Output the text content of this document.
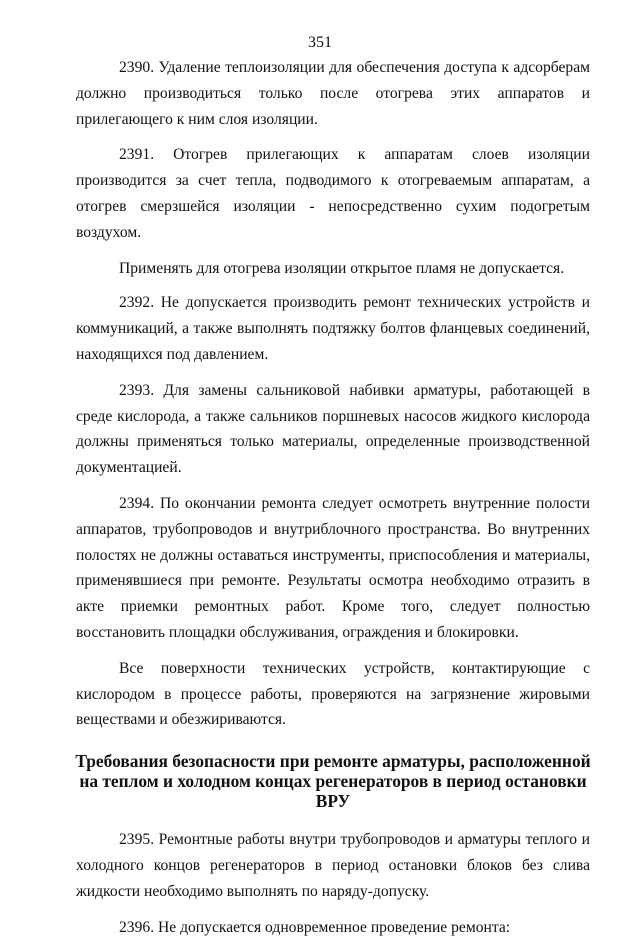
351

2390. Удаление теплоизоляции для обеспечения доступа к адсорберам должно производиться только после отогрева этих аппаратов и прилегающего к ним слоя изоляции.

2391. Отогрев прилегающих к аппаратам слоев изоляции производится за счет тепла, подводимого к отогреваемым аппаратам, а отогрев смерзшейся изоляции - непосредственно сухим подогретым воздухом.

Применять для отогрева изоляции открытое пламя не допускается.

2392. Не допускается производить ремонт технических устройств и коммуникаций, а также выполнять подтяжку болтов фланцевых соединений, находящихся под давлением.

2393. Для замены сальниковой набивки арматуры, работающей в среде кислорода, а также сальников поршневых насосов жидкого кислорода должны применяться только материалы, определенные производственной документацией.

2394. По окончании ремонта следует осмотреть внутренние полости аппаратов, трубопроводов и внутриблочного пространства. Во внутренних полостях не должны оставаться инструменты, приспособления и материалы, применявшиеся при ремонте. Результаты осмотра необходимо отразить в акте приемки ремонтных работ. Кроме того, следует полностью восстановить площадки обслуживания, ограждения и блокировки.

Все поверхности технических устройств, контактирующие с кислородом в процессе работы, проверяются на загрязнение жировыми веществами и обезжириваются.

Требования безопасности при ремонте арматуры, расположенной на теплом и холодном концах регенераторов в период остановки ВРУ

2395. Ремонтные работы внутри трубопроводов и арматуры теплого и холодного концов регенераторов в период остановки блоков без слива жидкости необходимо выполнять по наряду-допуску.

2396. Не допускается одновременное проведение ремонта:
